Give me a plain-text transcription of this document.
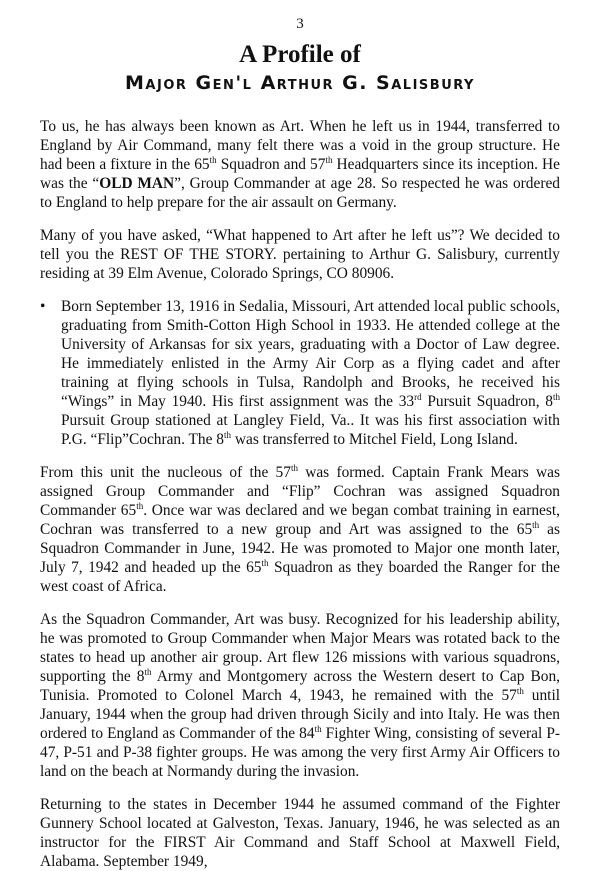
3
A Profile of
Major Gen'l Arthur G. Salisbury

To us, he has always been known as Art. When he left us in 1944, transferred to England by Air Command, many felt there was a void in the group structure. He had been a fixture in the 65th Squadron and 57th Headquarters since its inception. He was the “OLD MAN”, Group Commander at age 28. So respected he was ordered to England to help prepare for the air assault on Germany.

Many of you have asked, “What happened to Art after he left us”? We decided to tell you the REST OF THE STORY. pertaining to Arthur G. Salisbury, currently residing at 39 Elm Avenue, Colorado Springs, CO 80906.

• Born September 13, 1916 in Sedalia, Missouri, Art attended local public schools, graduating from Smith-Cotton High School in 1933. He attended college at the University of Arkansas for six years, graduating with a Doctor of Law degree. He immediately enlisted in the Army Air Corp as a flying cadet and after training at flying schools in Tulsa, Randolph and Brooks, he received his “Wings” in May 1940. His first assignment was the 33rd Pursuit Squadron, 8th Pursuit Group stationed at Langley Field, Va.. It was his first association with P.G. “Flip”Cochran. The 8th was transferred to Mitchel Field, Long Island.

From this unit the nucleous of the 57th was formed. Captain Frank Mears was assigned Group Commander and “Flip” Cochran was assigned Squadron Commander 65th. Once war was declared and we began combat training in earnest, Cochran was transferred to a new group and Art was assigned to the 65th as Squadron Commander in June, 1942. He was promoted to Major one month later, July 7, 1942 and headed up the 65th Squadron as they boarded the Ranger for the west coast of Africa.

As the Squadron Commander, Art was busy. Recognized for his leadership ability, he was promoted to Group Commander when Major Mears was rotated back to the states to head up another air group. Art flew 126 missions with various squadrons, supporting the 8th Army and Montgomery across the Western desert to Cap Bon, Tunisia. Promoted to Colonel March 4, 1943, he remained with the 57th until January, 1944 when the group had driven through Sicily and into Italy. He was then ordered to England as Commander of the 84th Fighter Wing, consisting of several P-47, P-51 and P-38 fighter groups. He was among the very first Army Air Officers to land on the beach at Normandy during the invasion.

Returning to the states in December 1944 he assumed command of the Fighter Gunnery School located at Galveston, Texas. January, 1946, he was selected as an instructor for the FIRST Air Command and Staff School at Maxwell Field, Alabama. September 1949,
